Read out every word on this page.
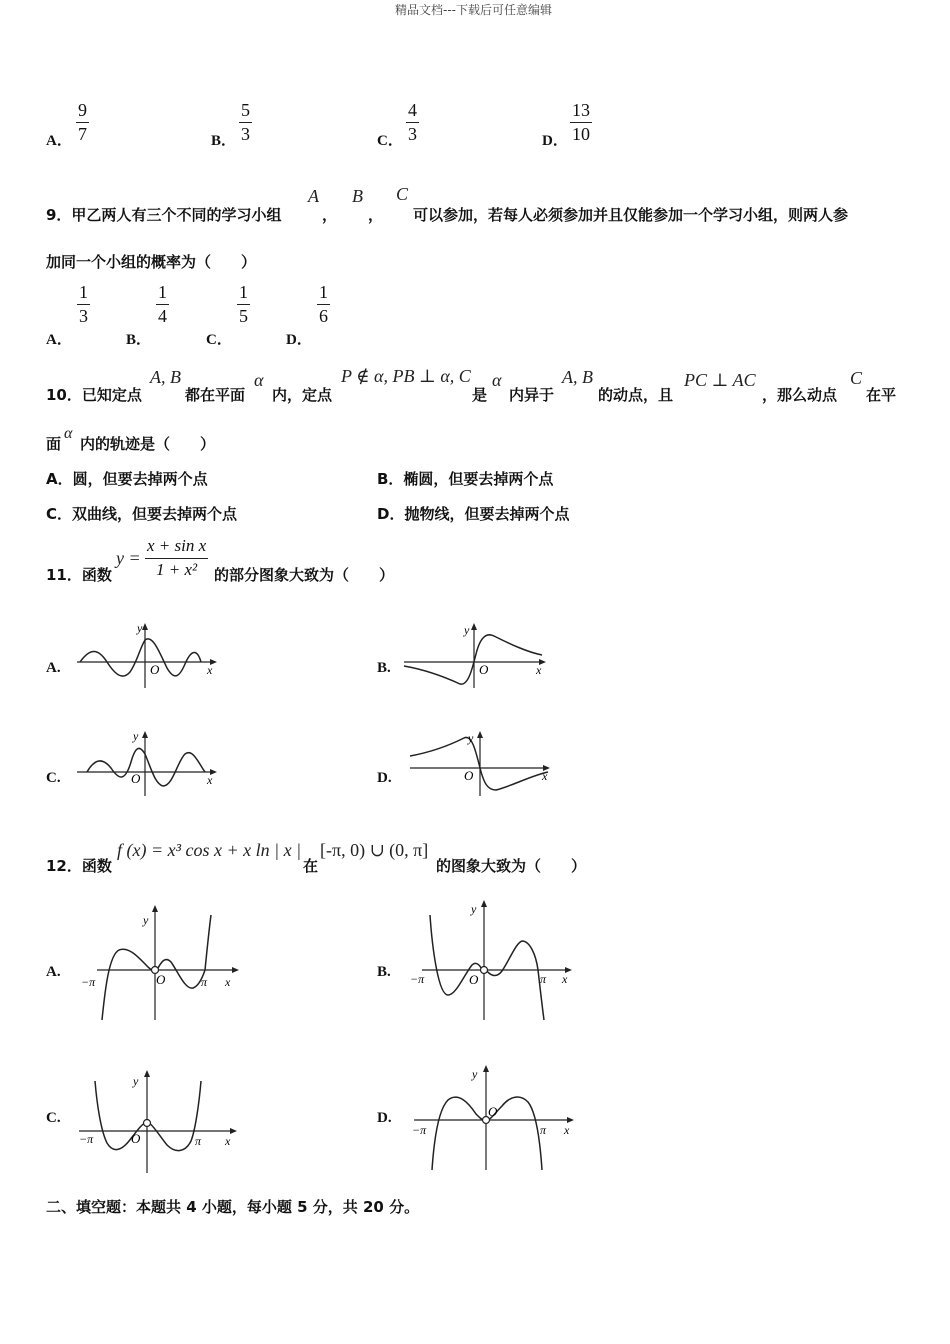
精品文档---下载后可任意编辑
A．
9
7	B．
5
3	C．
4
3	D．
13
10
9．甲乙两人有三个不同的学习小组
A
，
B
，
C
可以参加，若每人必须参加并且仅能参加一个学习小组，则两人参
加同一个小组的概率为（　　）
A．
1
3
B．
1
4
C．
1
5
D．
1
6
10．已知定点
A, B
都在平面
α
内，定点
P ∉ α, PB ⊥ α, C
是
α
内异于
A, B
的动点，且
PC ⊥ AC
，那么动点
C
在平
面
α
内的轨迹是（　　）
A．圆，但要去掉两个点	B．椭圆，但要去掉两个点
C．双曲线，但要去掉两个点	D．抛物线，但要去掉两个点
11．函数
y =
x + sin x
1 + x² 的部分图象大致为（　　）
A.
y
O	x	B.
y
O	x
C.
y
O	x	D.
y
O	x
12．函数
f (x) = x³ cos x + x ln | x |
在
[-π, 0) ∪ (0, π]
的图象大致为（　　）
A.
y
O
−π	π x
B.
y
O
−π	π x
C.
y
O
−π	π x
D.
y
O
−π	π x
二、填空题：本题共 4 小题，每小题 5 分，共 20 分。
